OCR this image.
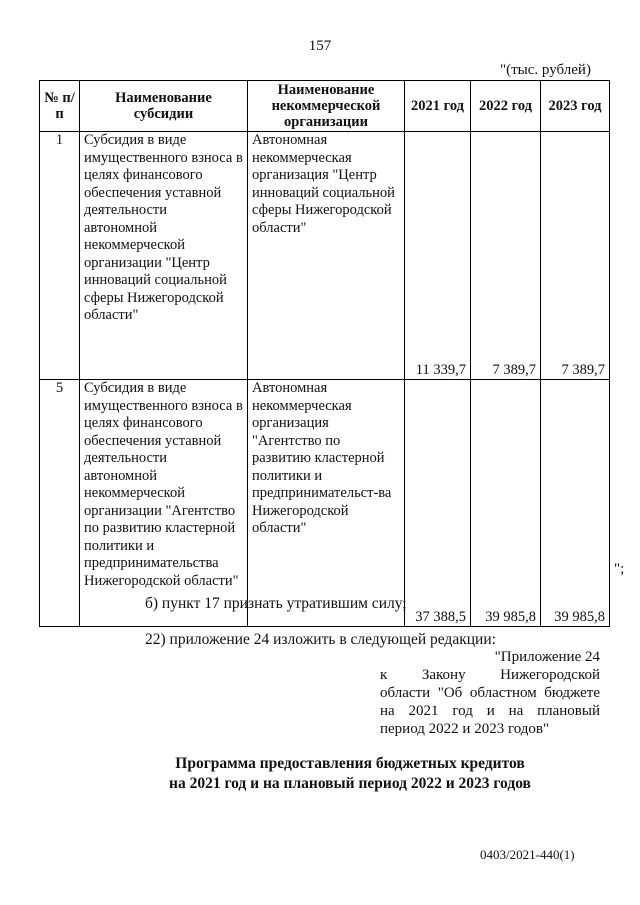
157
"(тыс. рублей)
№ п/п	Наименование субсидии	Наименование некоммерческой организации	2021 год	2022 год	2023 год
1	Субсидия в виде имущественного взноса в целях финансового обеспечения уставной деятельности автономной некоммерческой организации "Центр инноваций социальной сферы Нижегородской области"	Автономная некоммерческая организация "Центр инноваций социальной сферы Нижегородской области"	11 339,7	7 389,7	7 389,7
5	Субсидия в виде имущественного взноса в целях финансового обеспечения уставной деятельности автономной некоммерческой организации "Агентство по развитию кластерной политики и предпринимательства Нижегородской области"	Автономная некоммерческая организация "Агентство по развитию кластерной политики и предпринимательст-ва Нижегородской области"	37 388,5	39 985,8	39 985,8
";
б) пункт 17 признать утратившим силу;
22) приложение 24 изложить в следующей редакции:
"Приложение 24
к Закону Нижегородской
области "Об областном бюджете
на 2021 год и на плановый
период 2022 и 2023 годов"
Программа предоставления бюджетных кредитов
на 2021 год и на плановый период 2022 и 2023 годов
0403/2021-440(1)
